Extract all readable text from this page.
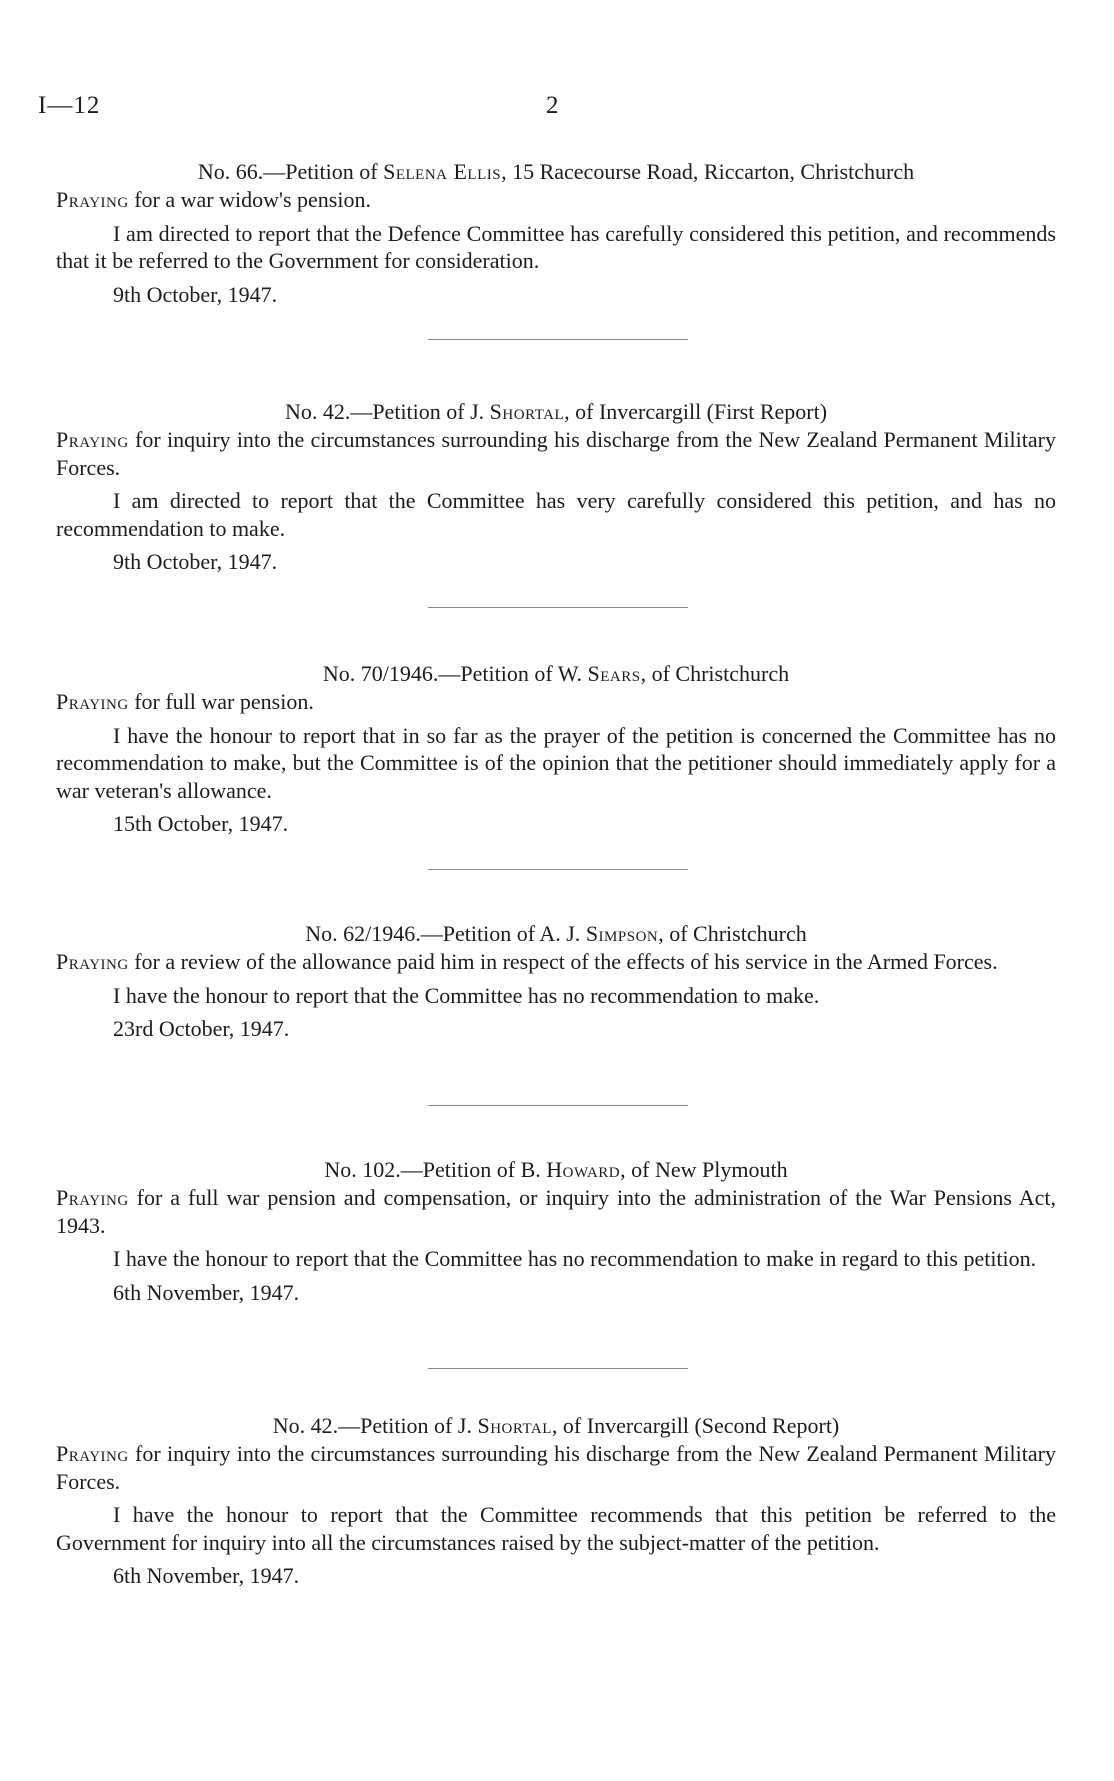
I—12	2

No. 66.—Petition of Selena Ellis, 15 Racecourse Road, Riccarton, Christchurch

Praying for a war widow's pension.

I am directed to report that the Defence Committee has carefully considered this petition, and recommends that it be referred to the Government for consideration.

9th October, 1947.

No. 42.—Petition of J. Shortal, of Invercargill (First Report)

Praying for inquiry into the circumstances surrounding his discharge from the New Zealand Permanent Military Forces.

I am directed to report that the Committee has very carefully considered this petition, and has no recommendation to make.

9th October, 1947.

No. 70/1946.—Petition of W. Sears, of Christchurch

Praying for full war pension.

I have the honour to report that in so far as the prayer of the petition is concerned the Committee has no recommendation to make, but the Committee is of the opinion that the petitioner should immediately apply for a war veteran's allowance.

15th October, 1947.

No. 62/1946.—Petition of A. J. Simpson, of Christchurch

Praying for a review of the allowance paid him in respect of the effects of his service in the Armed Forces.

I have the honour to report that the Committee has no recommendation to make.

23rd October, 1947.

No. 102.—Petition of B. Howard, of New Plymouth

Praying for a full war pension and compensation, or inquiry into the administration of the War Pensions Act, 1943.

I have the honour to report that the Committee has no recommendation to make in regard to this petition.

6th November, 1947.

No. 42.—Petition of J. Shortal, of Invercargill (Second Report)

Praying for inquiry into the circumstances surrounding his discharge from the New Zealand Permanent Military Forces.

I have the honour to report that the Committee recommends that this petition be referred to the Government for inquiry into all the circumstances raised by the subject-matter of the petition.

6th November, 1947.
